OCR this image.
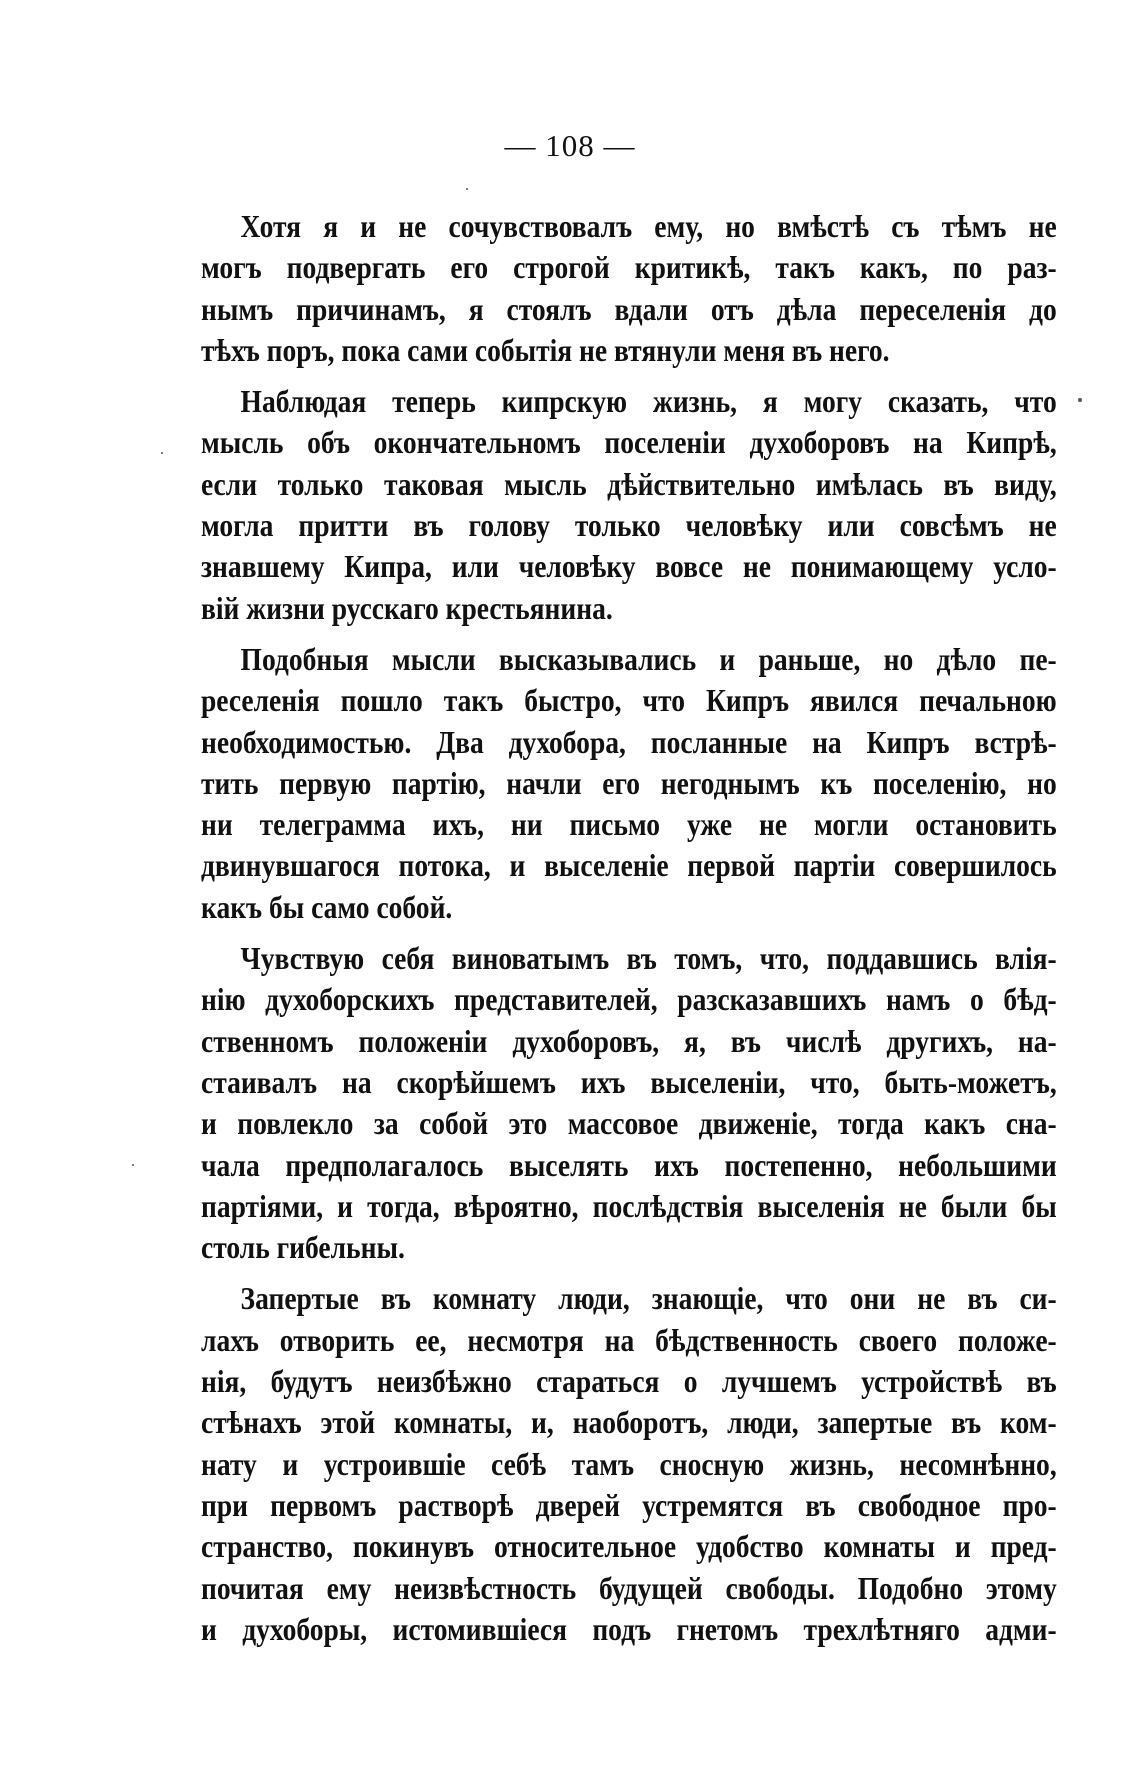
— 108 —
Хотя я и не сочувствовалъ ему, но вмѣстѣ съ тѣмъ не
могъ подвергать его строгой критикѣ, такъ какъ, по раз-
нымъ причинамъ, я стоялъ вдали отъ дѣла переселенія до
тѣхъ поръ, пока сами событія не втянули меня въ него.
Наблюдая теперь кипрскую жизнь, я могу сказать, что
мысль объ окончательномъ поселеніи духоборовъ на Кипрѣ,
если только таковая мысль дѣйствительно имѣлась въ виду,
могла притти въ голову только человѣку или совсѣмъ не
знавшему Кипра, или человѣку вовсе не понимающему усло-
вій жизни русскаго крестьянина.
Подобныя мысли высказывались и раньше, но дѣло пе-
реселенія пошло такъ быстро, что Кипръ явился печальною
необходимостью. Два духобора, посланные на Кипръ встрѣ-
тить первую партію, начли его негоднымъ къ поселенію, но
ни телеграмма ихъ, ни письмо уже не могли остановить
двинувшагося потока, и выселеніе первой партіи совершилось
какъ бы само собой.
Чувствую себя виноватымъ въ томъ, что, поддавшись влія-
нію духоборскихъ представителей, разсказавшихъ намъ о бѣд-
ственномъ положеніи духоборовъ, я, въ числѣ другихъ, на-
стаивалъ на скорѣйшемъ ихъ выселеніи, что, быть-можетъ,
и повлекло за собой это массовое движеніе, тогда какъ сна-
чала предполагалось выселять ихъ постепенно, небольшими
партіями, и тогда, вѣроятно, послѣдствія выселенія не были бы
столь гибельны.
Запертые въ комнату люди, знающіе, что они не въ си-
лахъ отворить ее, несмотря на бѣдственность своего положе-
нія, будутъ неизбѣжно стараться о лучшемъ устройствѣ въ
стѣнахъ этой комнаты, и, наоборотъ, люди, запертые въ ком-
нату и устроившіе себѣ тамъ сносную жизнь, несомнѣнно,
при первомъ растворѣ дверей устремятся въ свободное про-
странство, покинувъ относительное удобство комнаты и пред-
почитая ему неизвѣстность будущей свободы. Подобно этому
и духоборы, истомившіеся подъ гнетомъ трехлѣтняго адми-
